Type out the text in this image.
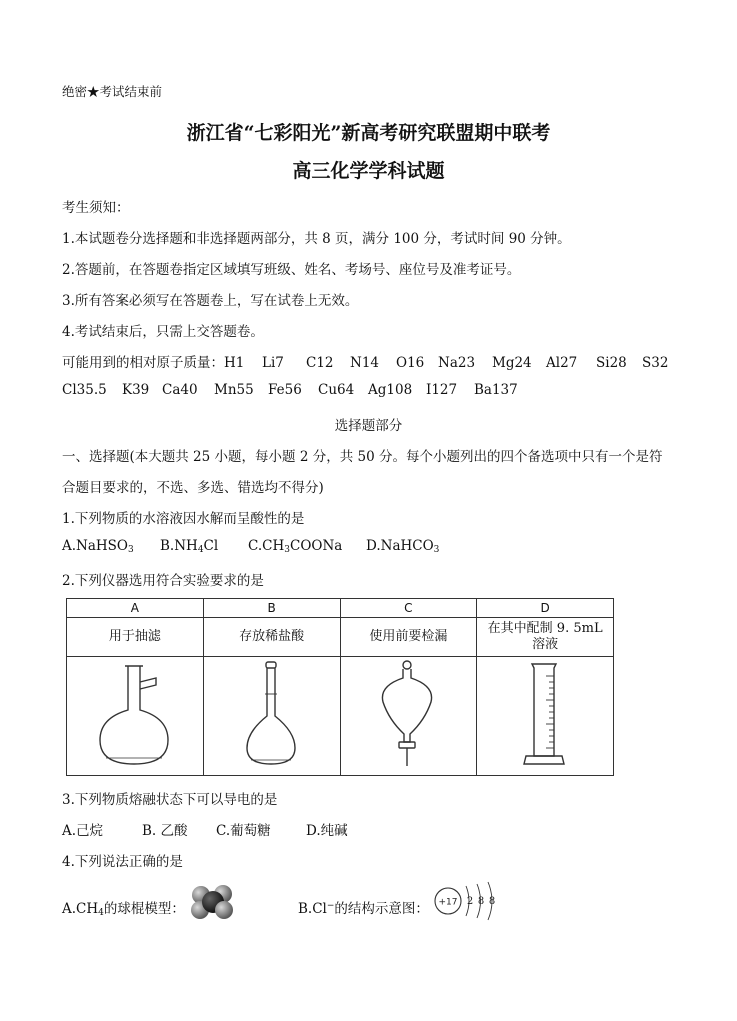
绝密★考试结束前
浙江省“七彩阳光”新高考研究联盟期中联考
高三化学学科试题
考生须知：
1.本试题卷分选择题和非选择题两部分，共 8 页，满分 100 分，考试时间 90 分钟。
2.答题前，在答题卷指定区域填写班级、姓名、考场号、座位号及准考证号。
3.所有答案必须写在答题卷上，写在试卷上无效。
4.考试结束后，只需上交答题卷。
可能用到的相对原子质量：H1 Li7 C12 N14 O16 Na23 Mg24 Al27 Si28 S32
Cl35.5 K39 Ca40 Mn55 Fe56 Cu64 Ag108 I127 Ba137
选择题部分
一、选择题(本大题共 25 小题，每小题 2 分，共 50 分。每个小题列出的四个备选项中只有一个是符
合题目要求的，不选、多选、错选均不得分)
1.下列物质的水溶液因水解而呈酸性的是
A.NaHSO3 B.NH4Cl C.CH3COONa D.NaHCO3
2.下列仪器选用符合实验要求的是
A	B	C	D
用于抽滤	存放稀盐酸	使用前要检漏	在其中配制 9. 5mL
溶液

3.下列物质熔融状态下可以导电的是
A.己烷	B. 乙酸 C.葡萄糖	D.纯碱
4.下列说法正确的是
A.CH4的球棍模型：	B.Cl−的结构示意图： +17 2 8 8
